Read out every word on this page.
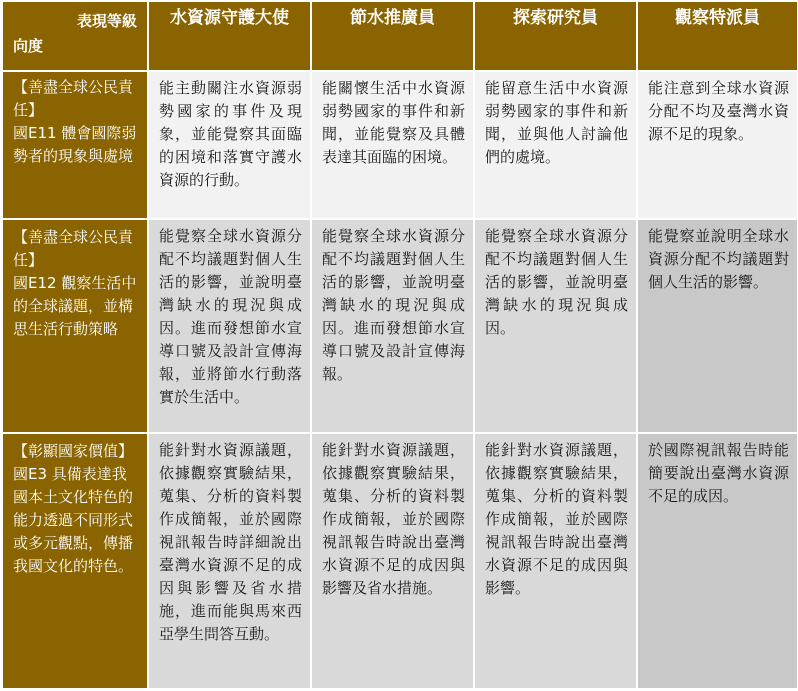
表現等級
向度	水資源守護大使	節水推廣員	探索研究員	觀察特派員
【善盡全球公民責任】
國E11 體會國際弱勢者的現象與處境	能主動關注水資源弱勢國家的事件及現象，並能覺察其面臨的困境和落實守護水資源的行動。	能關懷生活中水資源弱勢國家的事件和新聞，並能覺察及具體表達其面臨的困境。	能留意生活中水資源弱勢國家的事件和新聞，並與他人討論他們的處境。	能注意到全球水資源分配不均及臺灣水資源不足的現象。
【善盡全球公民責任】
國E12 觀察生活中的全球議題，並構思生活行動策略	能覺察全球水資源分配不均議題對個人生活的影響，並說明臺灣缺水的現況與成因。進而發想節水宣導口號及設計宣傳海報，並將節水行動落實於生活中。	能覺察全球水資源分配不均議題對個人生活的影響，並說明臺灣缺水的現況與成因。進而發想節水宣導口號及設計宣傳海報。	能覺察全球水資源分配不均議題對個人生活的影響，並說明臺灣缺水的現況與成因。	能覺察並說明全球水資源分配不均議題對個人生活的影響。
【彰顯國家價值】 國E3 具備表達我國本土文化特色的能力透過不同形式或多元觀點，傳播我國文化的特色。	能針對水資源議題，依據觀察實驗結果，蒐集、分析的資料製作成簡報，並於國際視訊報告時詳細說出臺灣水資源不足的成因與影響及省水措施，進而能與馬來西亞學生問答互動。	能針對水資源議題，依據觀察實驗結果，蒐集、分析的資料製作成簡報，並於國際視訊報告時說出臺灣水資源不足的成因與影響及省水措施。	能針對水資源議題，依據觀察實驗結果，蒐集、分析的資料製作成簡報，並於國際視訊報告時說出臺灣水資源不足的成因與影響。	於國際視訊報告時能簡要說出臺灣水資源不足的成因。
